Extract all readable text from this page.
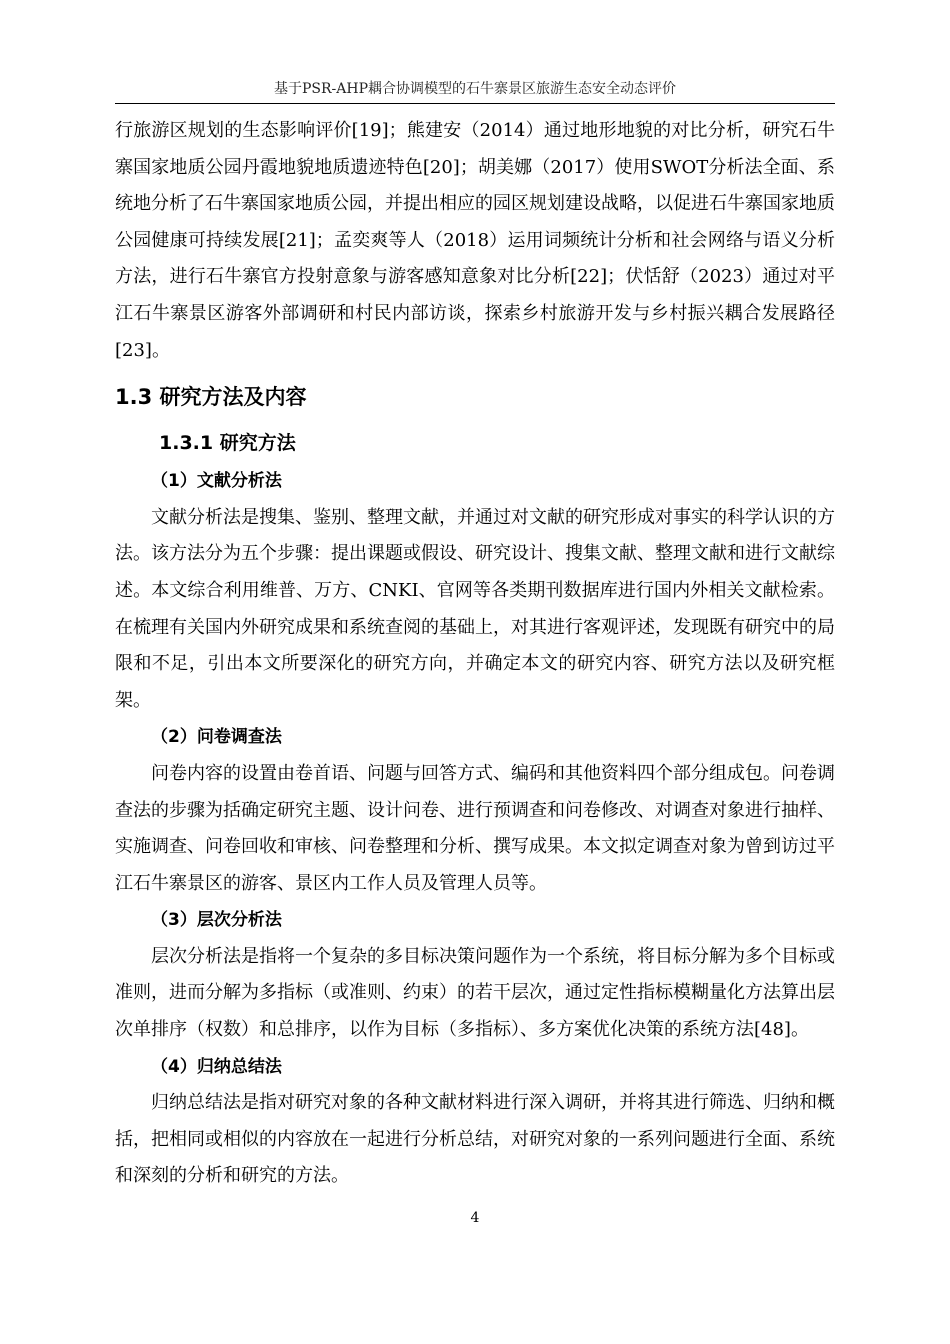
基于PSR-AHP耦合协调模型的石牛寨景区旅游生态安全动态评价

行旅游区规划的生态影响评价[19]；熊建安（2014）通过地形地貌的对比分析，研究石牛寨国家地质公园丹霞地貌地质遗迹特色[20]；胡美娜（2017）使用SWOT分析法全面、系统地分析了石牛寨国家地质公园，并提出相应的园区规划建设战略，以促进石牛寨国家地质公园健康可持续发展[21]；孟奕爽等人（2018）运用词频统计分析和社会网络与语义分析方法，进行石牛寨官方投射意象与游客感知意象对比分析[22]；伏恬舒（2023）通过对平江石牛寨景区游客外部调研和村民内部访谈，探索乡村旅游开发与乡村振兴耦合发展路径[23]。

1.3 研究方法及内容
1.3.1 研究方法
（1）文献分析法

文献分析法是搜集、鉴别、整理文献，并通过对文献的研究形成对事实的科学认识的方法。该方法分为五个步骤：提出课题或假设、研究设计、搜集文献、整理文献和进行文献综述。本文综合利用维普、万方、CNKI、官网等各类期刊数据库进行国内外相关文献检索。在梳理有关国内外研究成果和系统查阅的基础上，对其进行客观评述，发现既有研究中的局限和不足，引出本文所要深化的研究方向，并确定本文的研究内容、研究方法以及研究框架。

（2）问卷调查法

问卷内容的设置由卷首语、问题与回答方式、编码和其他资料四个部分组成包。问卷调查法的步骤为括确定研究主题、设计问卷、进行预调查和问卷修改、对调查对象进行抽样、实施调查、问卷回收和审核、问卷整理和分析、撰写成果。本文拟定调查对象为曾到访过平江石牛寨景区的游客、景区内工作人员及管理人员等。

（3）层次分析法

层次分析法是指将一个复杂的多目标决策问题作为一个系统，将目标分解为多个目标或准则，进而分解为多指标（或准则、约束）的若干层次，通过定性指标模糊量化方法算出层次单排序（权数）和总排序，以作为目标（多指标）、多方案优化决策的系统方法[48]。

（4）归纳总结法

归纳总结法是指对研究对象的各种文献材料进行深入调研，并将其进行筛选、归纳和概括，把相同或相似的内容放在一起进行分析总结，对研究对象的一系列问题进行全面、系统和深刻的分析和研究的方法。

4
